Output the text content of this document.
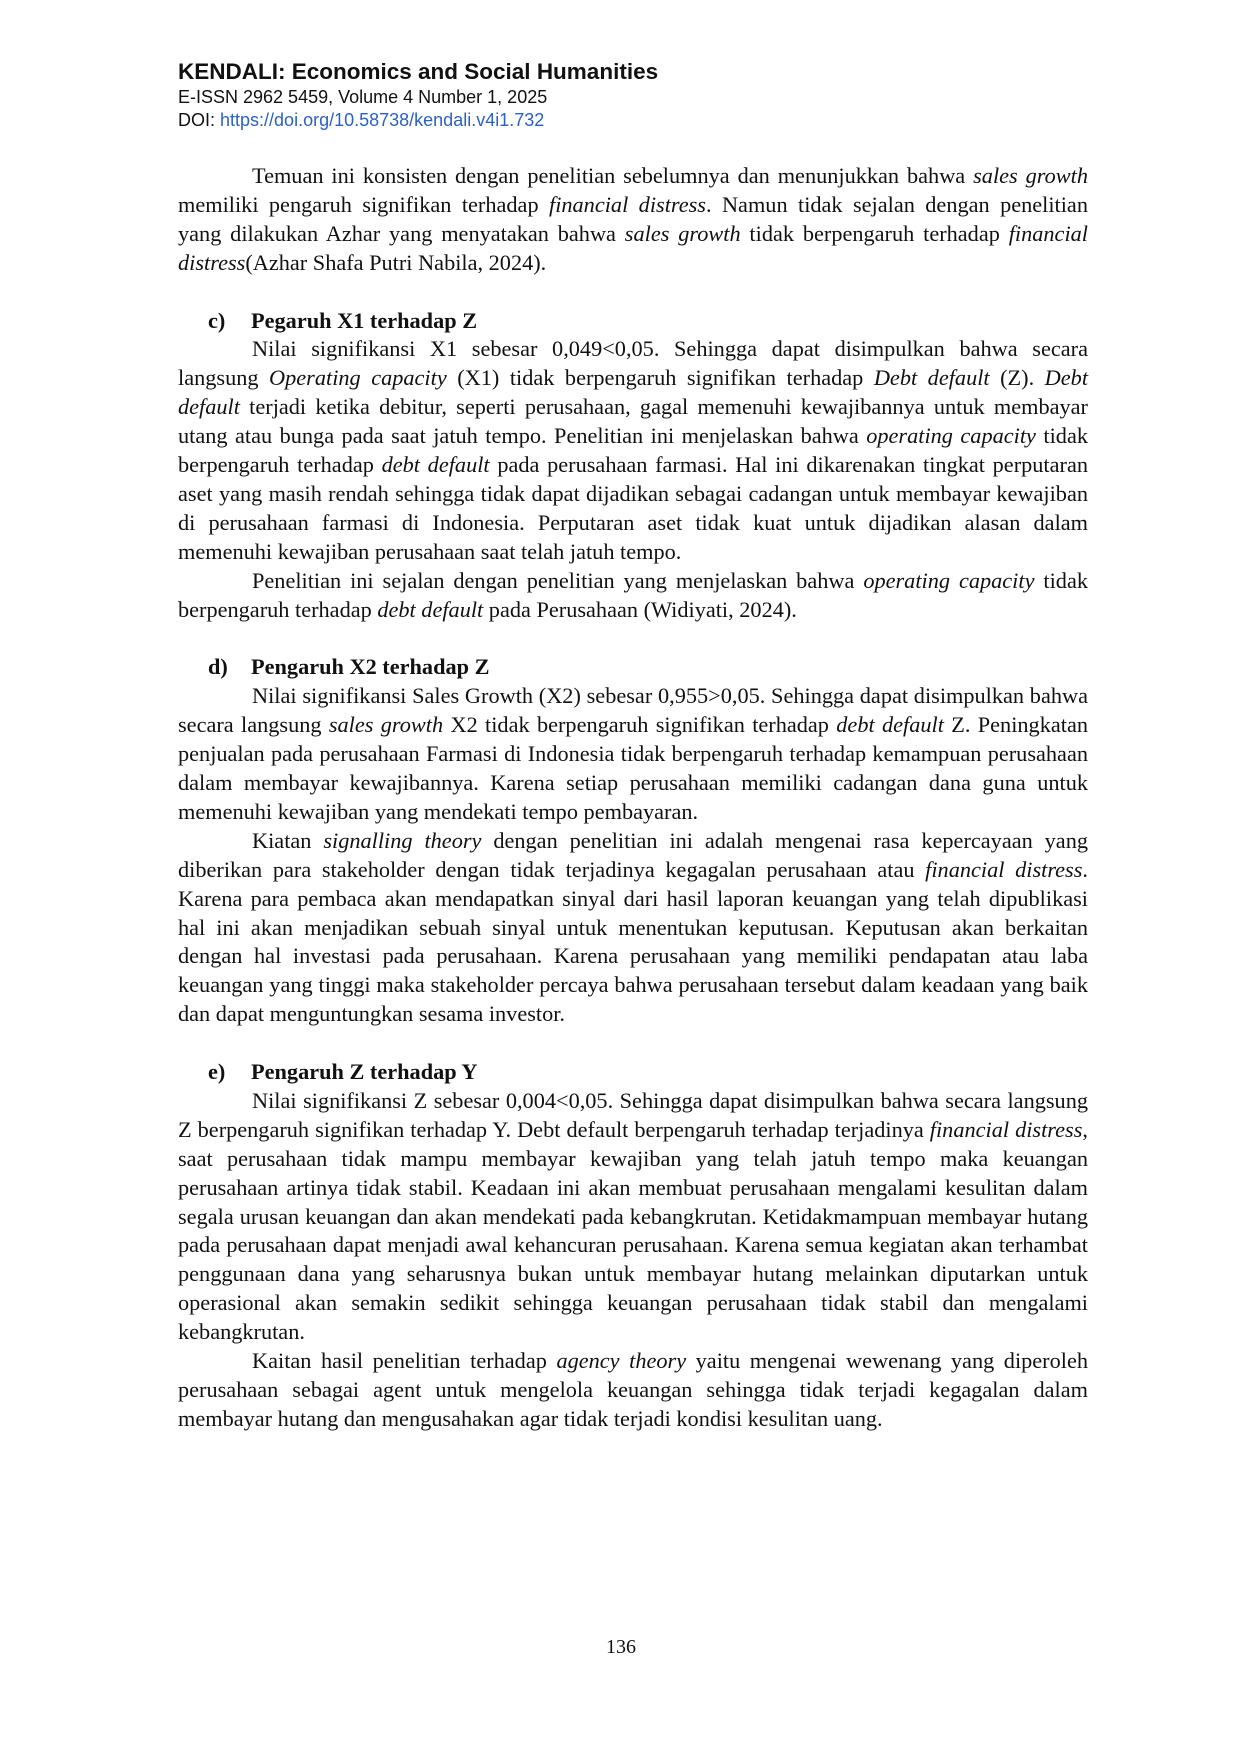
KENDALI: Economics and Social Humanities
E-ISSN 2962 5459, Volume 4 Number 1, 2025
DOI: https://doi.org/10.58738/kendali.v4i1.732

Temuan ini konsisten dengan penelitian sebelumnya dan menunjukkan bahwa sales growth memiliki pengaruh signifikan terhadap financial distress. Namun tidak sejalan dengan penelitian yang dilakukan Azhar yang menyatakan bahwa sales growth tidak berpengaruh terhadap financial distress(Azhar Shafa Putri Nabila, 2024).

c) Pegaruh X1 terhadap Z

Nilai signifikansi X1 sebesar 0,049<0,05. Sehingga dapat disimpulkan bahwa secara langsung Operating capacity (X1) tidak berpengaruh signifikan terhadap Debt default (Z). Debt default terjadi ketika debitur, seperti perusahaan, gagal memenuhi kewajibannya untuk membayar utang atau bunga pada saat jatuh tempo. Penelitian ini menjelaskan bahwa operating capacity tidak berpengaruh terhadap debt default pada perusahaan farmasi. Hal ini dikarenakan tingkat perputaran aset yang masih rendah sehingga tidak dapat dijadikan sebagai cadangan untuk membayar kewajiban di perusahaan farmasi di Indonesia. Perputaran aset tidak kuat untuk dijadikan alasan dalam memenuhi kewajiban perusahaan saat telah jatuh tempo.

Penelitian ini sejalan dengan penelitian yang menjelaskan bahwa operating capacity tidak berpengaruh terhadap debt default pada Perusahaan (Widiyati, 2024).

d) Pengaruh X2 terhadap Z

Nilai signifikansi Sales Growth (X2) sebesar 0,955>0,05. Sehingga dapat disimpulkan bahwa secara langsung sales growth X2 tidak berpengaruh signifikan terhadap debt default Z. Peningkatan penjualan pada perusahaan Farmasi di Indonesia tidak berpengaruh terhadap kemampuan perusahaan dalam membayar kewajibannya. Karena setiap perusahaan memiliki cadangan dana guna untuk memenuhi kewajiban yang mendekati tempo pembayaran.

Kiatan signalling theory dengan penelitian ini adalah mengenai rasa kepercayaan yang diberikan para stakeholder dengan tidak terjadinya kegagalan perusahaan atau financial distress. Karena para pembaca akan mendapatkan sinyal dari hasil laporan keuangan yang telah dipublikasi hal ini akan menjadikan sebuah sinyal untuk menentukan keputusan. Keputusan akan berkaitan dengan hal investasi pada perusahaan. Karena perusahaan yang memiliki pendapatan atau laba keuangan yang tinggi maka stakeholder percaya bahwa perusahaan tersebut dalam keadaan yang baik dan dapat menguntungkan sesama investor.

e) Pengaruh Z terhadap Y

Nilai signifikansi Z sebesar 0,004<0,05. Sehingga dapat disimpulkan bahwa secara langsung Z berpengaruh signifikan terhadap Y. Debt default berpengaruh terhadap terjadinya financial distress, saat perusahaan tidak mampu membayar kewajiban yang telah jatuh tempo maka keuangan perusahaan artinya tidak stabil. Keadaan ini akan membuat perusahaan mengalami kesulitan dalam segala urusan keuangan dan akan mendekati pada kebangkrutan. Ketidakmampuan membayar hutang pada perusahaan dapat menjadi awal kehancuran perusahaan. Karena semua kegiatan akan terhambat penggunaan dana yang seharusnya bukan untuk membayar hutang melainkan diputarkan untuk operasional akan semakin sedikit sehingga keuangan perusahaan tidak stabil dan mengalami kebangkrutan.

Kaitan hasil penelitian terhadap agency theory yaitu mengenai wewenang yang diperoleh perusahaan sebagai agent untuk mengelola keuangan sehingga tidak terjadi kegagalan dalam membayar hutang dan mengusahakan agar tidak terjadi kondisi kesulitan uang.

136
